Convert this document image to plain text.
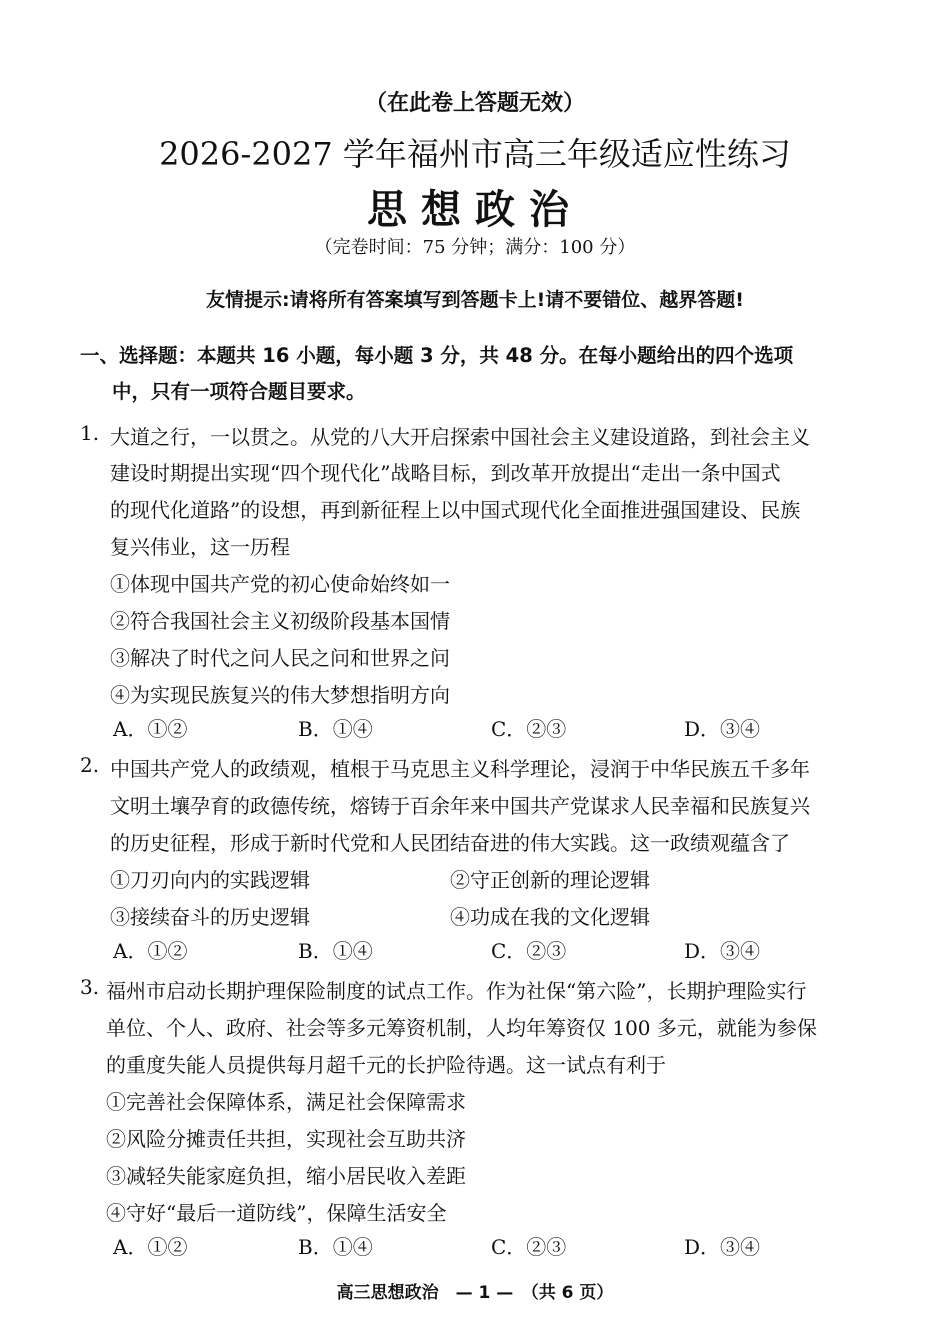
（在此卷上答题无效）
2026-2027 学年福州市高三年级适应性练习
思想政治
（完卷时间：75 分钟；满分：100 分）
友情提示:请将所有答案填写到答题卡上!请不要错位、越界答题!
一、选择题：本题共 16 小题，每小题 3 分，共 48 分。在每小题给出的四个选项
中，只有一项符合题目要求。
1. 大道之行，一以贯之。从党的八大开启探索中国社会主义建设道路，到社会主义
建设时期提出实现“四个现代化”战略目标，到改革开放提出“走出一条中国式
的现代化道路”的设想，再到新征程上以中国式现代化全面推进强国建设、民族
复兴伟业，这一历程
①体现中国共产党的初心使命始终如一
②符合我国社会主义初级阶段基本国情
③解决了时代之问人民之问和世界之问
④为实现民族复兴的伟大梦想指明方向
A．①②	B．①④	C．②③	D．③④
2. 中国共产党人的政绩观，植根于马克思主义科学理论，浸润于中华民族五千多年
文明土壤孕育的政德传统，熔铸于百余年来中国共产党谋求人民幸福和民族复兴
的历史征程，形成于新时代党和人民团结奋进的伟大实践。这一政绩观蕴含了
①刀刃向内的实践逻辑	②守正创新的理论逻辑
③接续奋斗的历史逻辑	④功成在我的文化逻辑
A．①②	B．①④	C．②③	D．③④
3. 福州市启动长期护理保险制度的试点工作。作为社保“第六险”，长期护理险实行
单位、个人、政府、社会等多元筹资机制，人均年筹资仅 100 多元，就能为参保
的重度失能人员提供每月超千元的长护险待遇。这一试点有利于
①完善社会保障体系，满足社会保障需求
②风险分摊责任共担，实现社会互助共济
③减轻失能家庭负担，缩小居民收入差距
④守好“最后一道防线”，保障生活安全
A．①②	B．①④	C．②③	D．③④
高三思想政治　— 1 —　（共 6 页）
